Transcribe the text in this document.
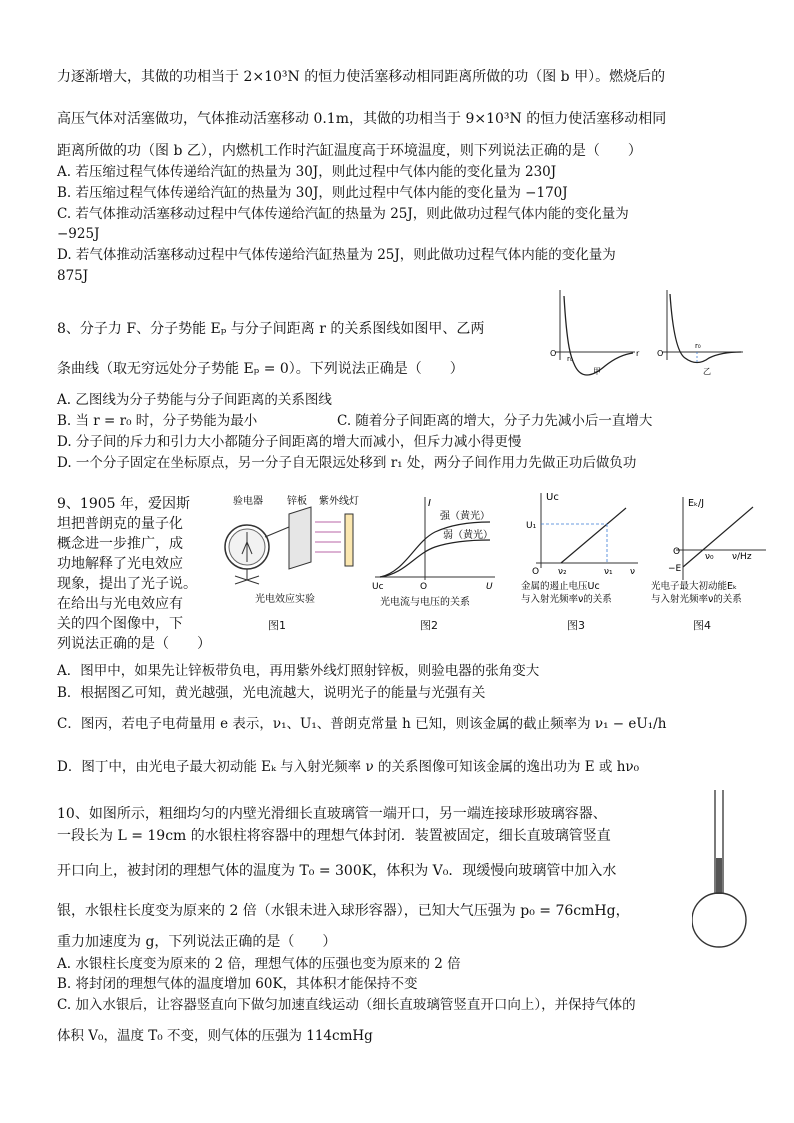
力逐渐增大，其做的功相当于 2×10³N 的恒力使活塞移动相同距离所做的功（图 b 甲）。燃烧后的
高压气体对活塞做功，气体推动活塞移动 0.1m，其做的功相当于 9×10³N 的恒力使活塞移动相同
距离所做的功（图 b 乙），内燃机工作时汽缸温度高于环境温度，则下列说法正确的是（　　）
A. 若压缩过程气体传递给汽缸的热量为 30J，则此过程中气体内能的变化量为 230J
B. 若压缩过程气体传递给汽缸的热量为 30J，则此过程中气体内能的变化量为 −170J
C. 若气体推动活塞移动过程中气体传递给汽缸的热量为 25J，则此做功过程气体内能的变化量为
−925J
D. 若气体推动活塞移动过程中气体传递给汽缸热量为 25J，则此做功过程气体内能的变化量为
875J
8、分子力 F、分子势能 Eₚ 与分子间距离 r 的关系图线如图甲、乙两
条曲线（取无穷远处分子势能 Eₚ = 0）。下列说法正确是（　　）
A. 乙图线为分子势能与分子间距离的关系图线
B. 当 r = r₀ 时，分子势能为最小	C. 随着分子间距离的增大，分子力先减小后一直增大
D. 分子间的斥力和引力大小都随分子间距离的增大而减小，但斥力减小得更慢
D. 一个分子固定在坐标原点，另一分子自无限远处移到 r₁ 处，两分子间作用力先做正功后做负功
O	r
r₀
甲
O
r₀
乙
9、1905 年，爱因斯
坦把普朗克的量子化
概念进一步推广，成
功地解释了光电效应
现象，提出了光子说。
在给出与光电效应有
关的四个图像中，下
列说法正确的是（　　）
验电器 锌板 紫外线灯
光电效应实验
图1
I
强（黄光）
弱（黄光）
Uc	O	U
光电流与电压的关系
图2
Uc
U₁
O ν₂	ν₁ ν
金属的遏止电压Uc
与入射光频率ν的关系
图3
Eₖ/J
O	ν₀ ν/Hz
−E
光电子最大初动能Eₖ
与入射光频率ν的关系
图4
A．图甲中，如果先让锌板带负电，再用紫外线灯照射锌板，则验电器的张角变大
B．根据图乙可知，黄光越强，光电流越大，说明光子的能量与光强有关
C．图丙，若电子电荷量用 e 表示，ν₁、U₁、普朗克常量 h 已知，则该金属的截止频率为 ν₁ − eU₁/h
D．图丁中，由光电子最大初动能 Eₖ 与入射光频率 ν 的关系图像可知该金属的逸出功为 E 或 hν₀
10、如图所示，粗细均匀的内壁光滑细长直玻璃管一端开口，另一端连接球形玻璃容器、
一段长为 L = 19cm 的水银柱将容器中的理想气体封闭．装置被固定，细长直玻璃管竖直
开口向上，被封闭的理想气体的温度为 T₀ = 300K，体积为 V₀．现缓慢向玻璃管中加入水
银，水银柱长度变为原来的 2 倍（水银未进入球形容器），已知大气压强为 p₀ = 76cmHg，
重力加速度为 g，下列说法正确的是（　　）
A. 水银柱长度变为原来的 2 倍，理想气体的压强也变为原来的 2 倍
B. 将封闭的理想气体的温度增加 60K，其体积才能保持不变
C. 加入水银后，让容器竖直向下做匀加速直线运动（细长直玻璃管竖直开口向上），并保持气体的
体积 V₀，温度 T₀ 不变，则气体的压强为 114cmHg
